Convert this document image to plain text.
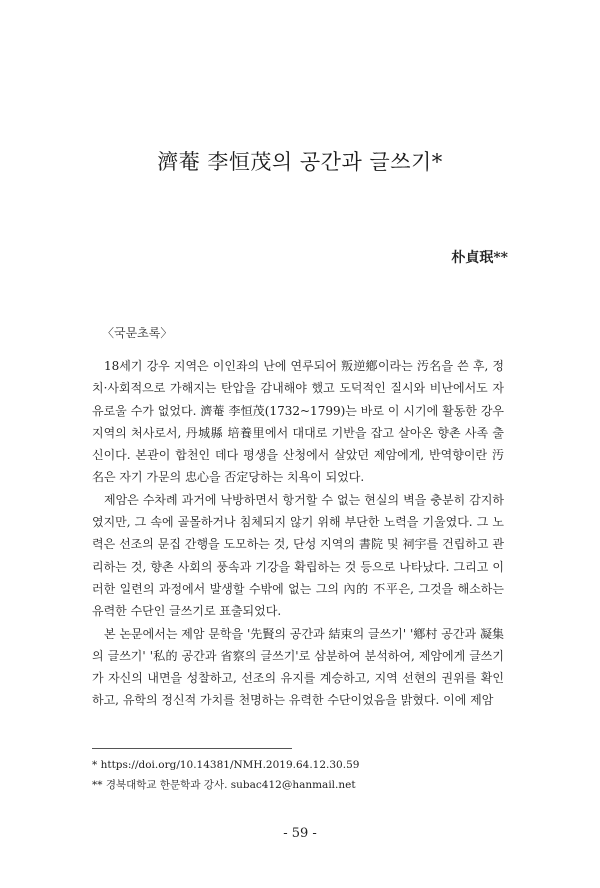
濟菴 李恒茂의 공간과 글쓰기*
朴貞珉**
〈국문초록〉

18세기 강우 지역은 이인좌의 난에 연루되어 叛逆鄕이라는 汚名을 쓴 후, 정치·사회적으로 가해지는 탄압을 감내해야 했고 도덕적인 질시와 비난에서도 자유로울 수가 없었다. 濟菴 李恒茂(1732~1799)는 바로 이 시기에 활동한 강우 지역의 처사로서, 丹城縣 培養里에서 대대로 기반을 잡고 살아온 향촌 사족 출신이다. 본관이 합천인 데다 평생을 산청에서 살았던 제암에게, 반역향이란 汚名은 자기 가문의 忠心을 否定당하는 치욕이 되었다.

제암은 수차례 과거에 낙방하면서 항거할 수 없는 현실의 벽을 충분히 감지하였지만, 그 속에 골몰하거나 침체되지 않기 위해 부단한 노력을 기울였다. 그 노력은 선조의 문집 간행을 도모하는 것, 단성 지역의 書院 및 祠宇를 건립하고 관리하는 것, 향촌 사회의 풍속과 기강을 확립하는 것 등으로 나타났다. 그리고 이러한 일련의 과정에서 발생할 수밖에 없는 그의 內的 不平은, 그것을 해소하는 유력한 수단인 글쓰기로 표출되었다.

본 논문에서는 제암 문학을 '先賢의 공간과 結束의 글쓰기' '鄕村 공간과 凝集의 글쓰기' '私的 공간과 省察의 글쓰기'로 삼분하여 분석하여, 제암에게 글쓰기가 자신의 내면을 성찰하고, 선조의 유지를 계승하고, 지역 선현의 권위를 확인하고, 유학의 정신적 가치를 천명하는 유력한 수단이었음을 밝혔다. 이에 제암

* https://doi.org/10.14381/NMH.2019.64.12.30.59
** 경북대학교 한문학과 강사. subac412@hanmail.net
- 59 -
